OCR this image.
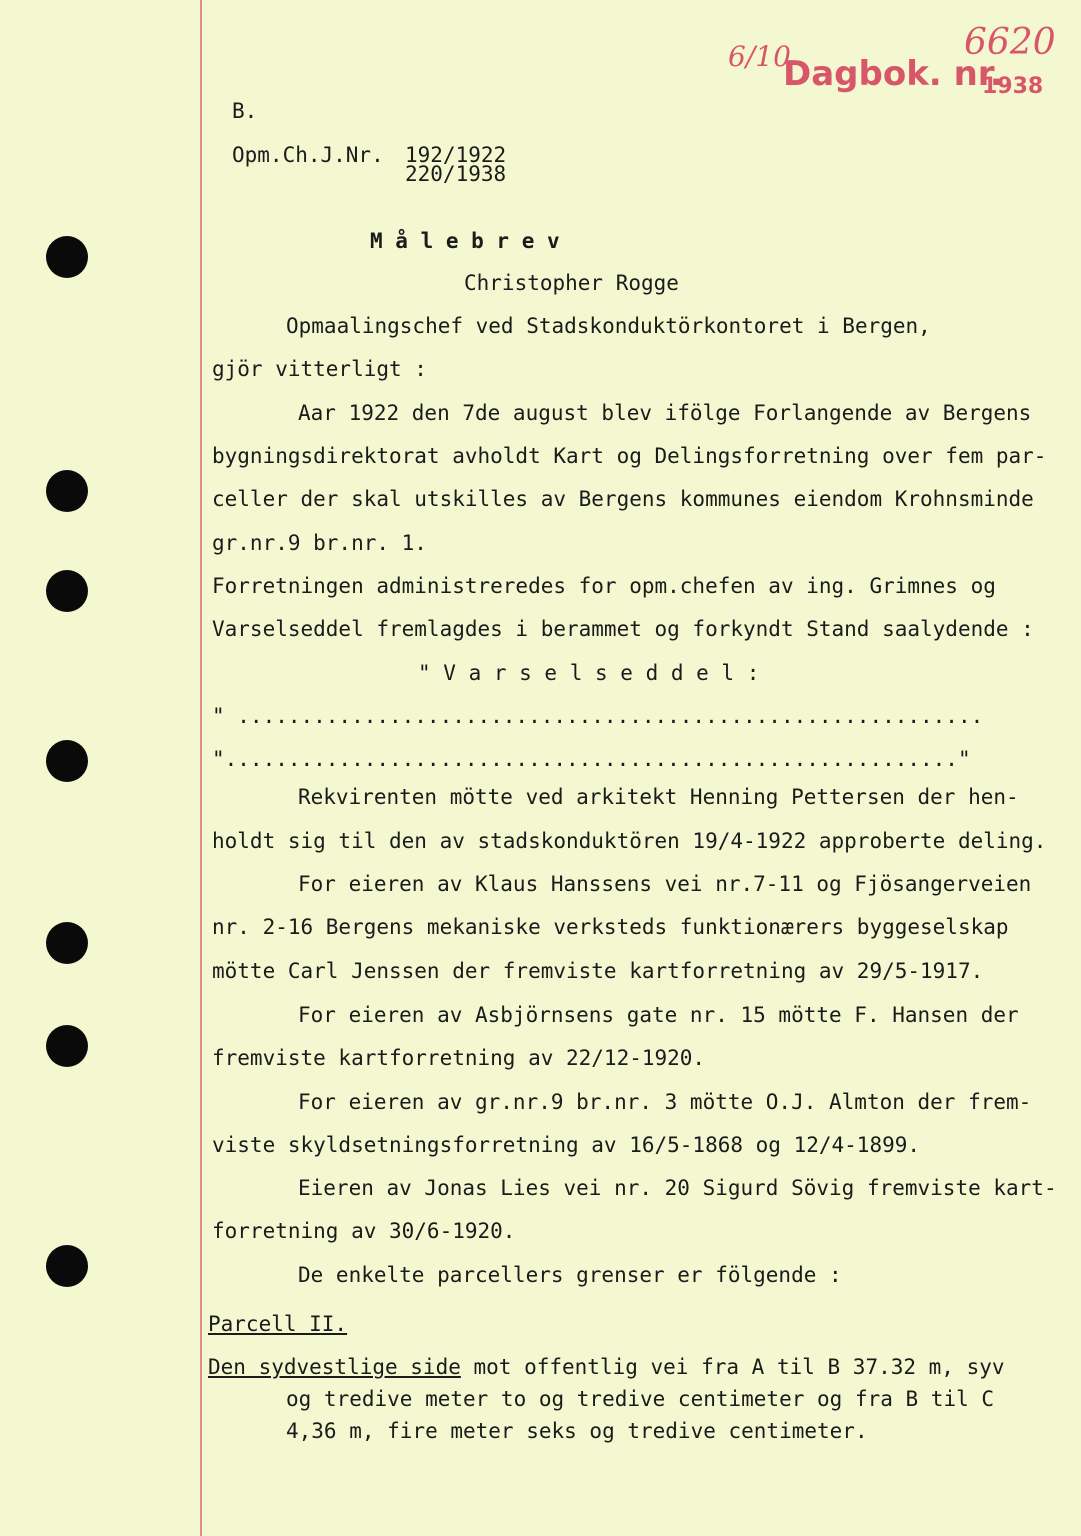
6/10

Dagbok. nr.

6620

1938

B.

Opm.Ch.J.Nr. 192/1922

220/1938

M å l e b r e v

Christopher Rogge

Opmaalingschef ved Stadskonduktörkontoret i Bergen,

gjör vitterligt :

Aar 1922 den 7de august blev ifölge Forlangende av Bergens

bygningsdirektorat avholdt Kart og Delingsforretning over fem par-

celler der skal utskilles av Bergens kommunes eiendom Krohnsminde

gr.nr.9 br.nr. 1.

Forretningen administreredes for opm.chefen av ing. Grimnes og

Varselseddel fremlagdes i berammet og forkyndt Stand saalydende :

" V a r s e l s e d d e l :

" ...........................................................

".........................................................."

Rekvirenten mötte ved arkitekt Henning Pettersen der hen-

holdt sig til den av stadskonduktören 19/4-1922 approberte deling.

For eieren av Klaus Hanssens vei nr.7-11 og Fjösangerveien

nr. 2-16 Bergens mekaniske verksteds funktionærers byggeselskap

mötte Carl Jenssen der fremviste kartforretning av 29/5-1917.

For eieren av Asbjörnsens gate nr. 15 mötte F. Hansen der

fremviste kartforretning av 22/12-1920.

For eieren av gr.nr.9 br.nr. 3 mötte O.J. Almton der frem-

viste skyldsetningsforretning av 16/5-1868 og 12/4-1899.

Eieren av Jonas Lies vei nr. 20 Sigurd Sövig fremviste kart-

forretning av 30/6-1920.

De enkelte parcellers grenser er fölgende :

Parcell II.

Den sydvestlige side mot offentlig vei fra A til B 37.32 m, syv

og tredive meter to og tredive centimeter og fra B til C

4,36 m, fire meter seks og tredive centimeter.
